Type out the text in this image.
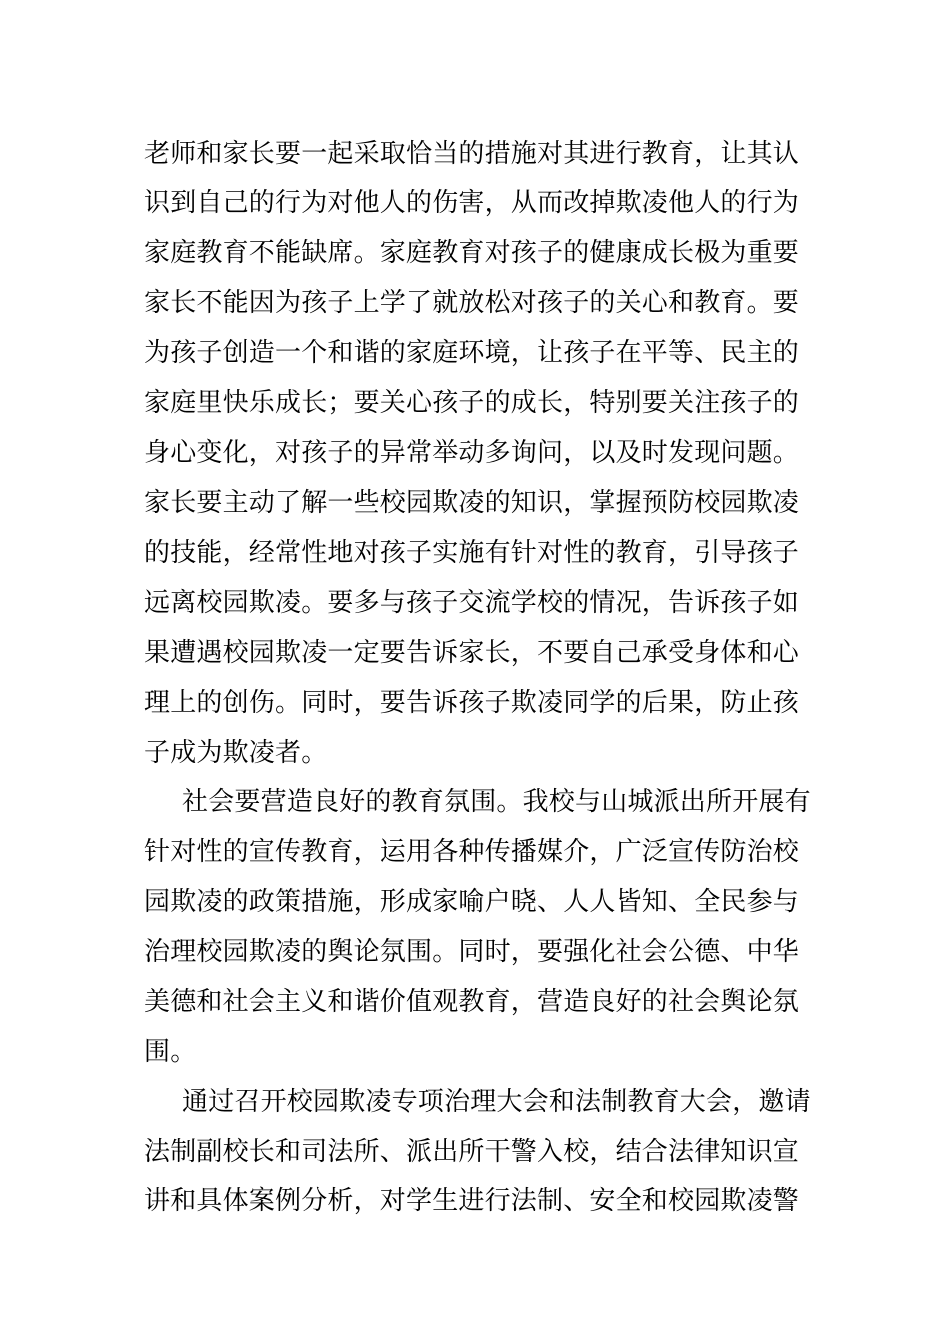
老师和家长要一起采取恰当的措施对其进行教育，让其认
识到自己的行为对他人的伤害，从而改掉欺凌他人的行为
家庭教育不能缺席。家庭教育对孩子的健康成长极为重要
家长不能因为孩子上学了就放松对孩子的关心和教育。要
为孩子创造一个和谐的家庭环境，让孩子在平等、民主的
家庭里快乐成长；要关心孩子的成长，特别要关注孩子的
身心变化，对孩子的异常举动多询问，以及时发现问题。
家长要主动了解一些校园欺凌的知识，掌握预防校园欺凌
的技能，经常性地对孩子实施有针对性的教育，引导孩子
远离校园欺凌。要多与孩子交流学校的情况，告诉孩子如
果遭遇校园欺凌一定要告诉家长，不要自己承受身体和心
理上的创伤。同时，要告诉孩子欺凌同学的后果，防止孩
子成为欺凌者。
社会要营造良好的教育氛围。我校与山城派出所开展有
针对性的宣传教育，运用各种传播媒介，广泛宣传防治校
园欺凌的政策措施，形成家喻户晓、人人皆知、全民参与
治理校园欺凌的舆论氛围。同时，要强化社会公德、中华
美德和社会主义和谐价值观教育，营造良好的社会舆论氛
围。
通过召开校园欺凌专项治理大会和法制教育大会，邀请
法制副校长和司法所、派出所干警入校，结合法律知识宣
讲和具体案例分析，对学生进行法制、安全和校园欺凌警
